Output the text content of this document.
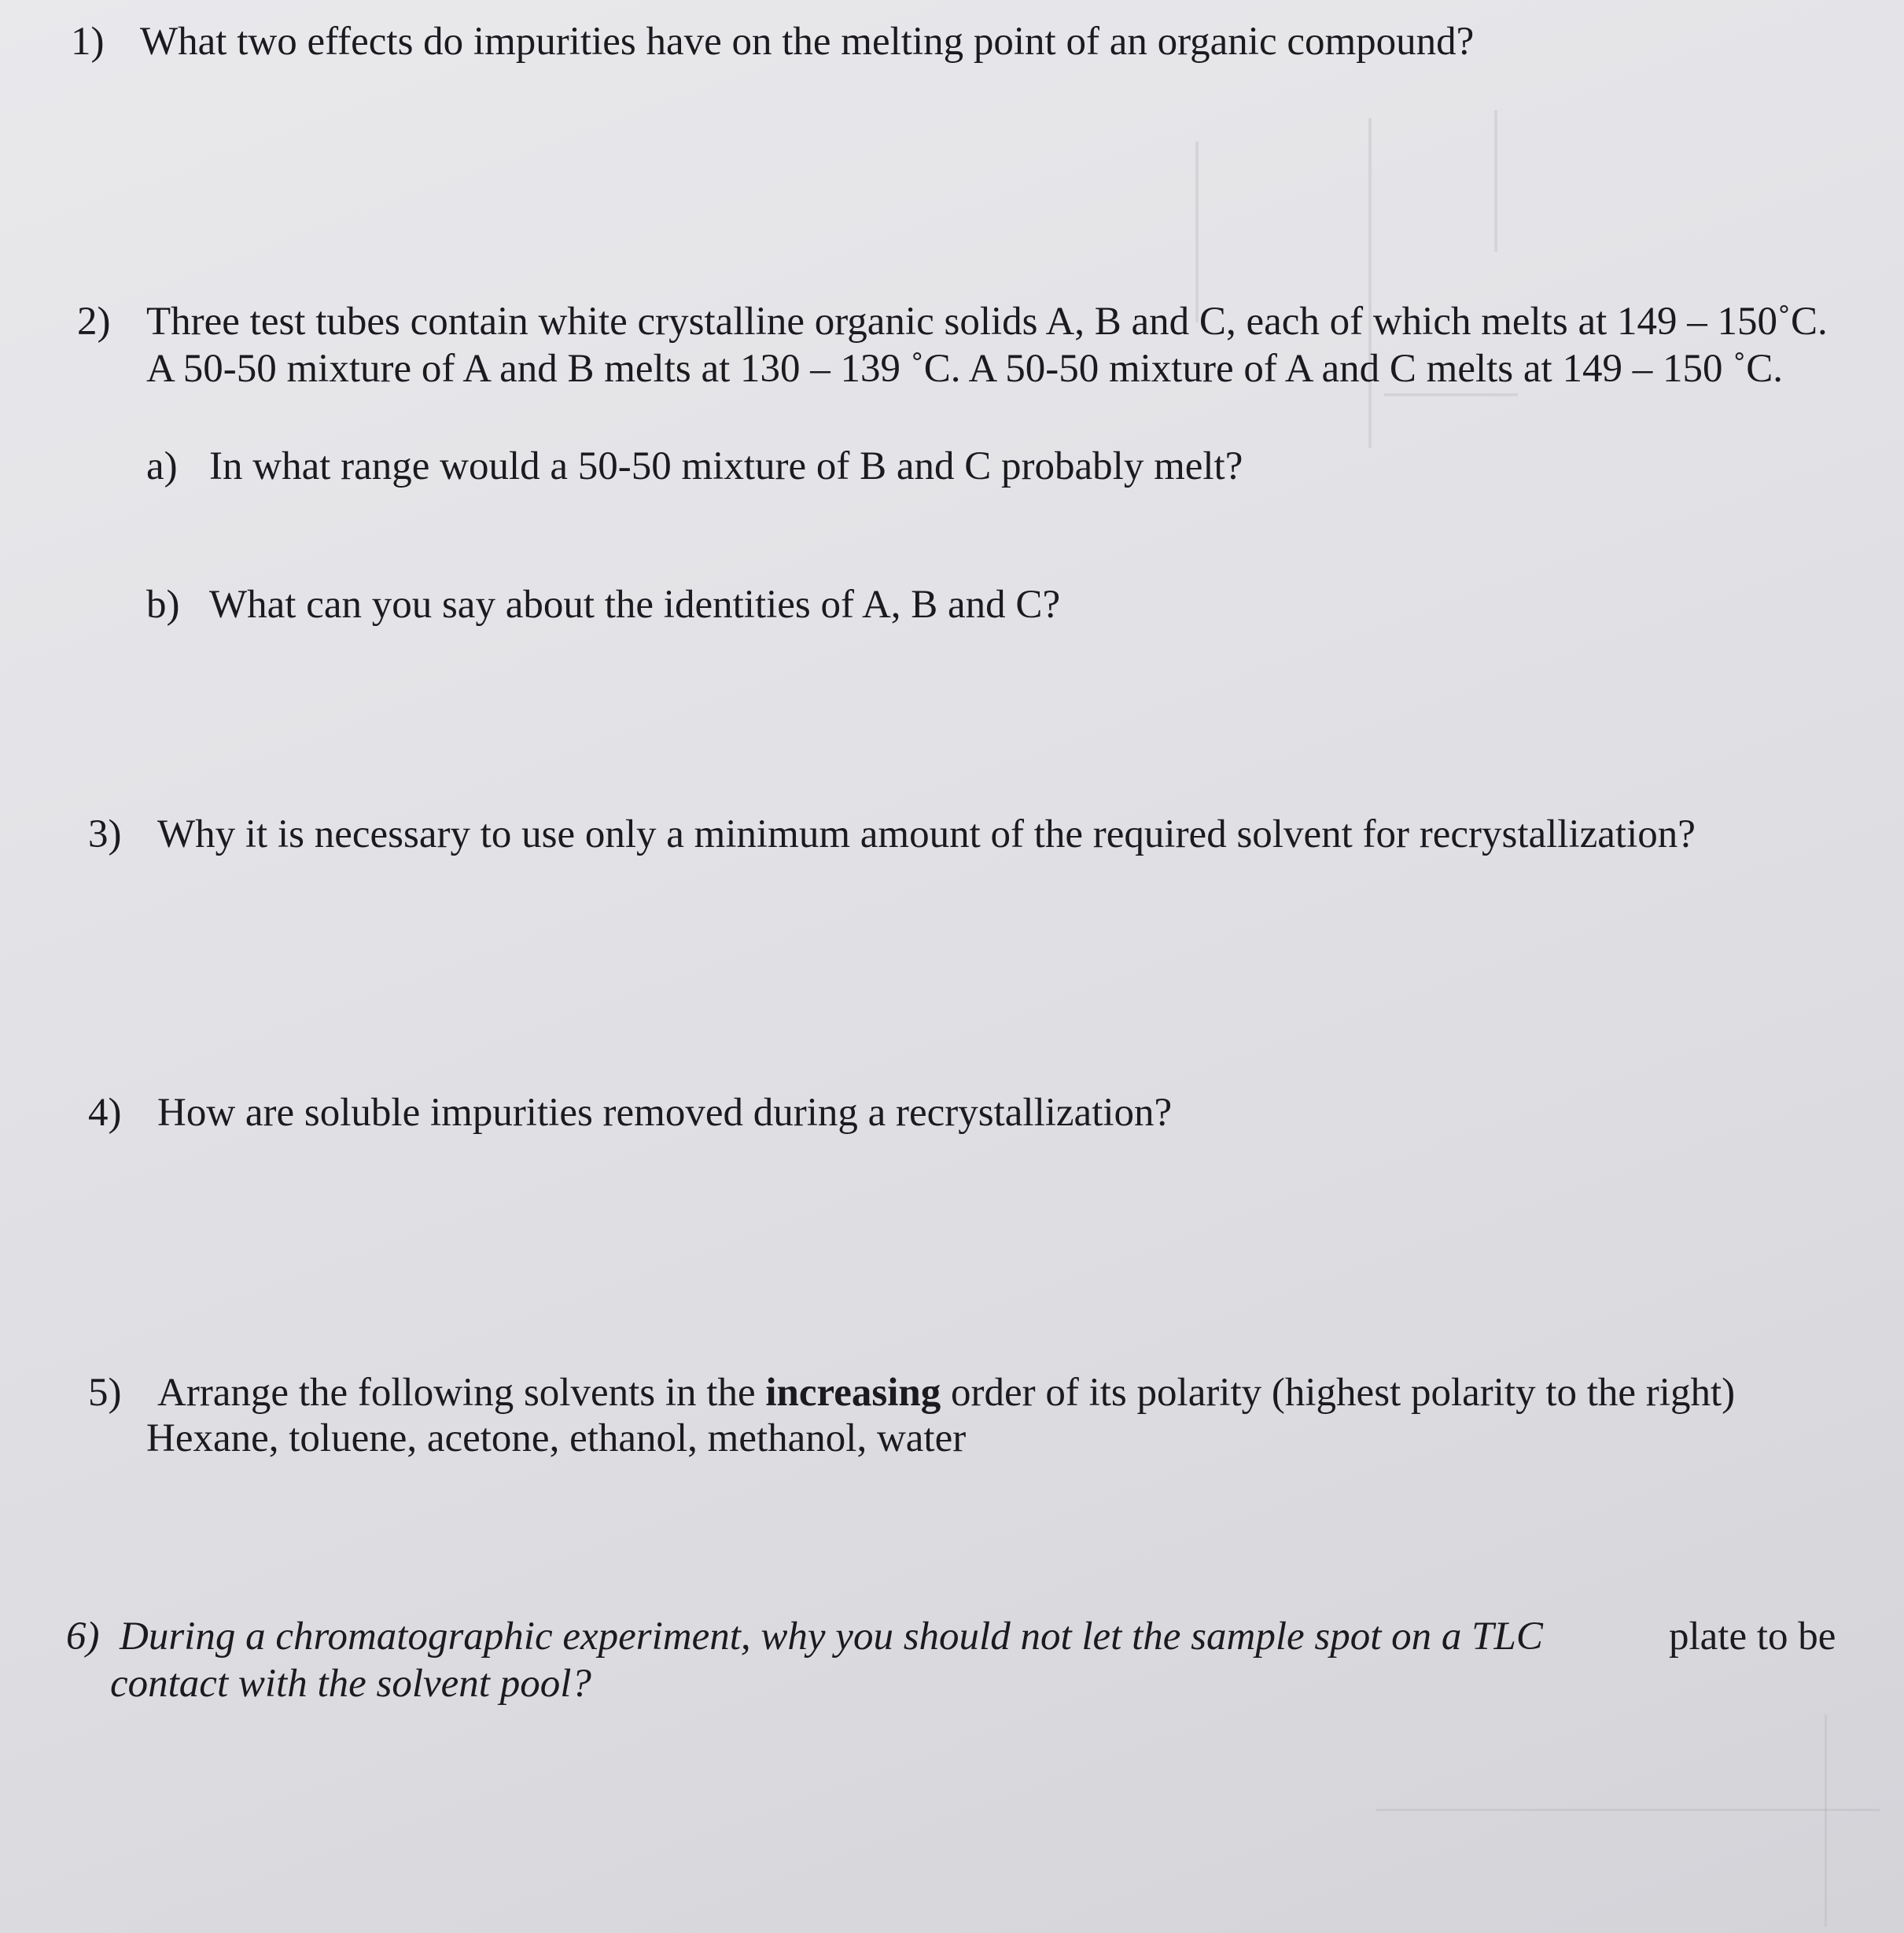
1) What two effects do impurities have on the melting point of an organic compound?
2) Three test tubes contain white crystalline organic solids A, B and C, each of which melts at 149 – 150˚C.
A 50-50 mixture of A and B melts at 130 – 139 ˚C. A 50-50 mixture of A and C melts at 149 – 150 ˚C.
a) In what range would a 50-50 mixture of B and C probably melt?
b) What can you say about the identities of A, B and C?
3) Why it is necessary to use only a minimum amount of the required solvent for recrystallization?
4) How are soluble impurities removed during a recrystallization?
5) Arrange the following solvents in the increasing order of its polarity (highest polarity to the right)
Hexane, toluene, acetone, ethanol, methanol, water
6) During a chromatographic experiment, why you should not let the sample spot on a TLC	plate to be
contact with the solvent pool?
